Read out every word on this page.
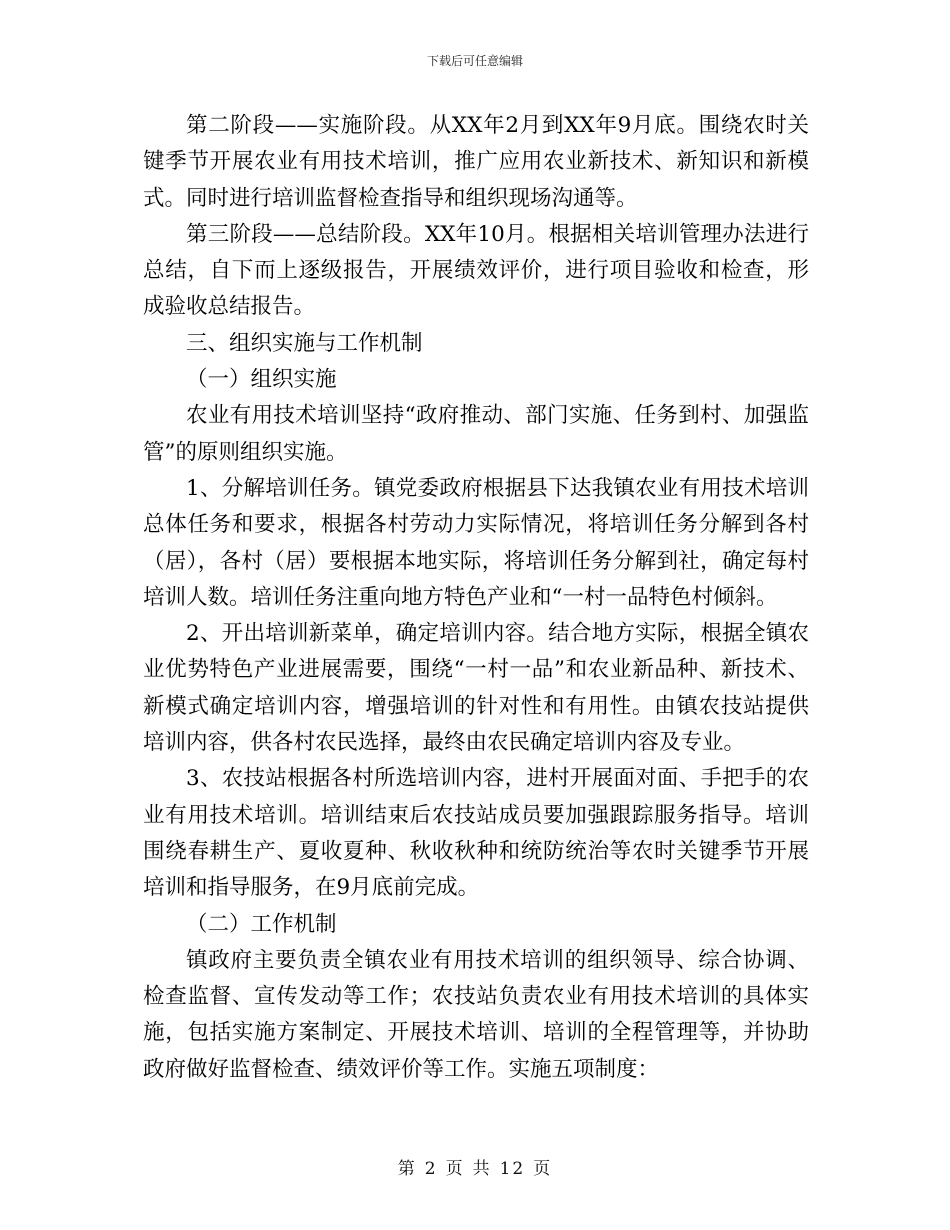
下载后可任意编辑

第二阶段——实施阶段。从XX年2月到XX年9月底。围绕农时关键季节开展农业有用技术培训，推广应用农业新技术、新知识和新模式。同时进行培训监督检查指导和组织现场沟通等。

第三阶段——总结阶段。XX年10月。根据相关培训管理办法进行总结，自下而上逐级报告，开展绩效评价，进行项目验收和检查，形成验收总结报告。

三、组织实施与工作机制

（一）组织实施

农业有用技术培训坚持“政府推动、部门实施、任务到村、加强监管”的原则组织实施。

1、分解培训任务。镇党委政府根据县下达我镇农业有用技术培训总体任务和要求，根据各村劳动力实际情况，将培训任务分解到各村（居），各村（居）要根据本地实际，将培训任务分解到社，确定每村培训人数。培训任务注重向地方特色产业和“一村一品特色村倾斜。

2、开出培训新菜单，确定培训内容。结合地方实际，根据全镇农业优势特色产业进展需要，围绕“一村一品”和农业新品种、新技术、新模式确定培训内容，增强培训的针对性和有用性。由镇农技站提供培训内容，供各村农民选择，最终由农民确定培训内容及专业。

3、农技站根据各村所选培训内容，进村开展面对面、手把手的农业有用技术培训。培训结束后农技站成员要加强跟踪服务指导。培训围绕春耕生产、夏收夏种、秋收秋种和统防统治等农时关键季节开展培训和指导服务，在9月底前完成。

（二）工作机制

镇政府主要负责全镇农业有用技术培训的组织领导、综合协调、检查监督、宣传发动等工作；农技站负责农业有用技术培训的具体实施，包括实施方案制定、开展技术培训、培训的全程管理等，并协助政府做好监督检查、绩效评价等工作。实施五项制度：

第 2 页 共 12 页
